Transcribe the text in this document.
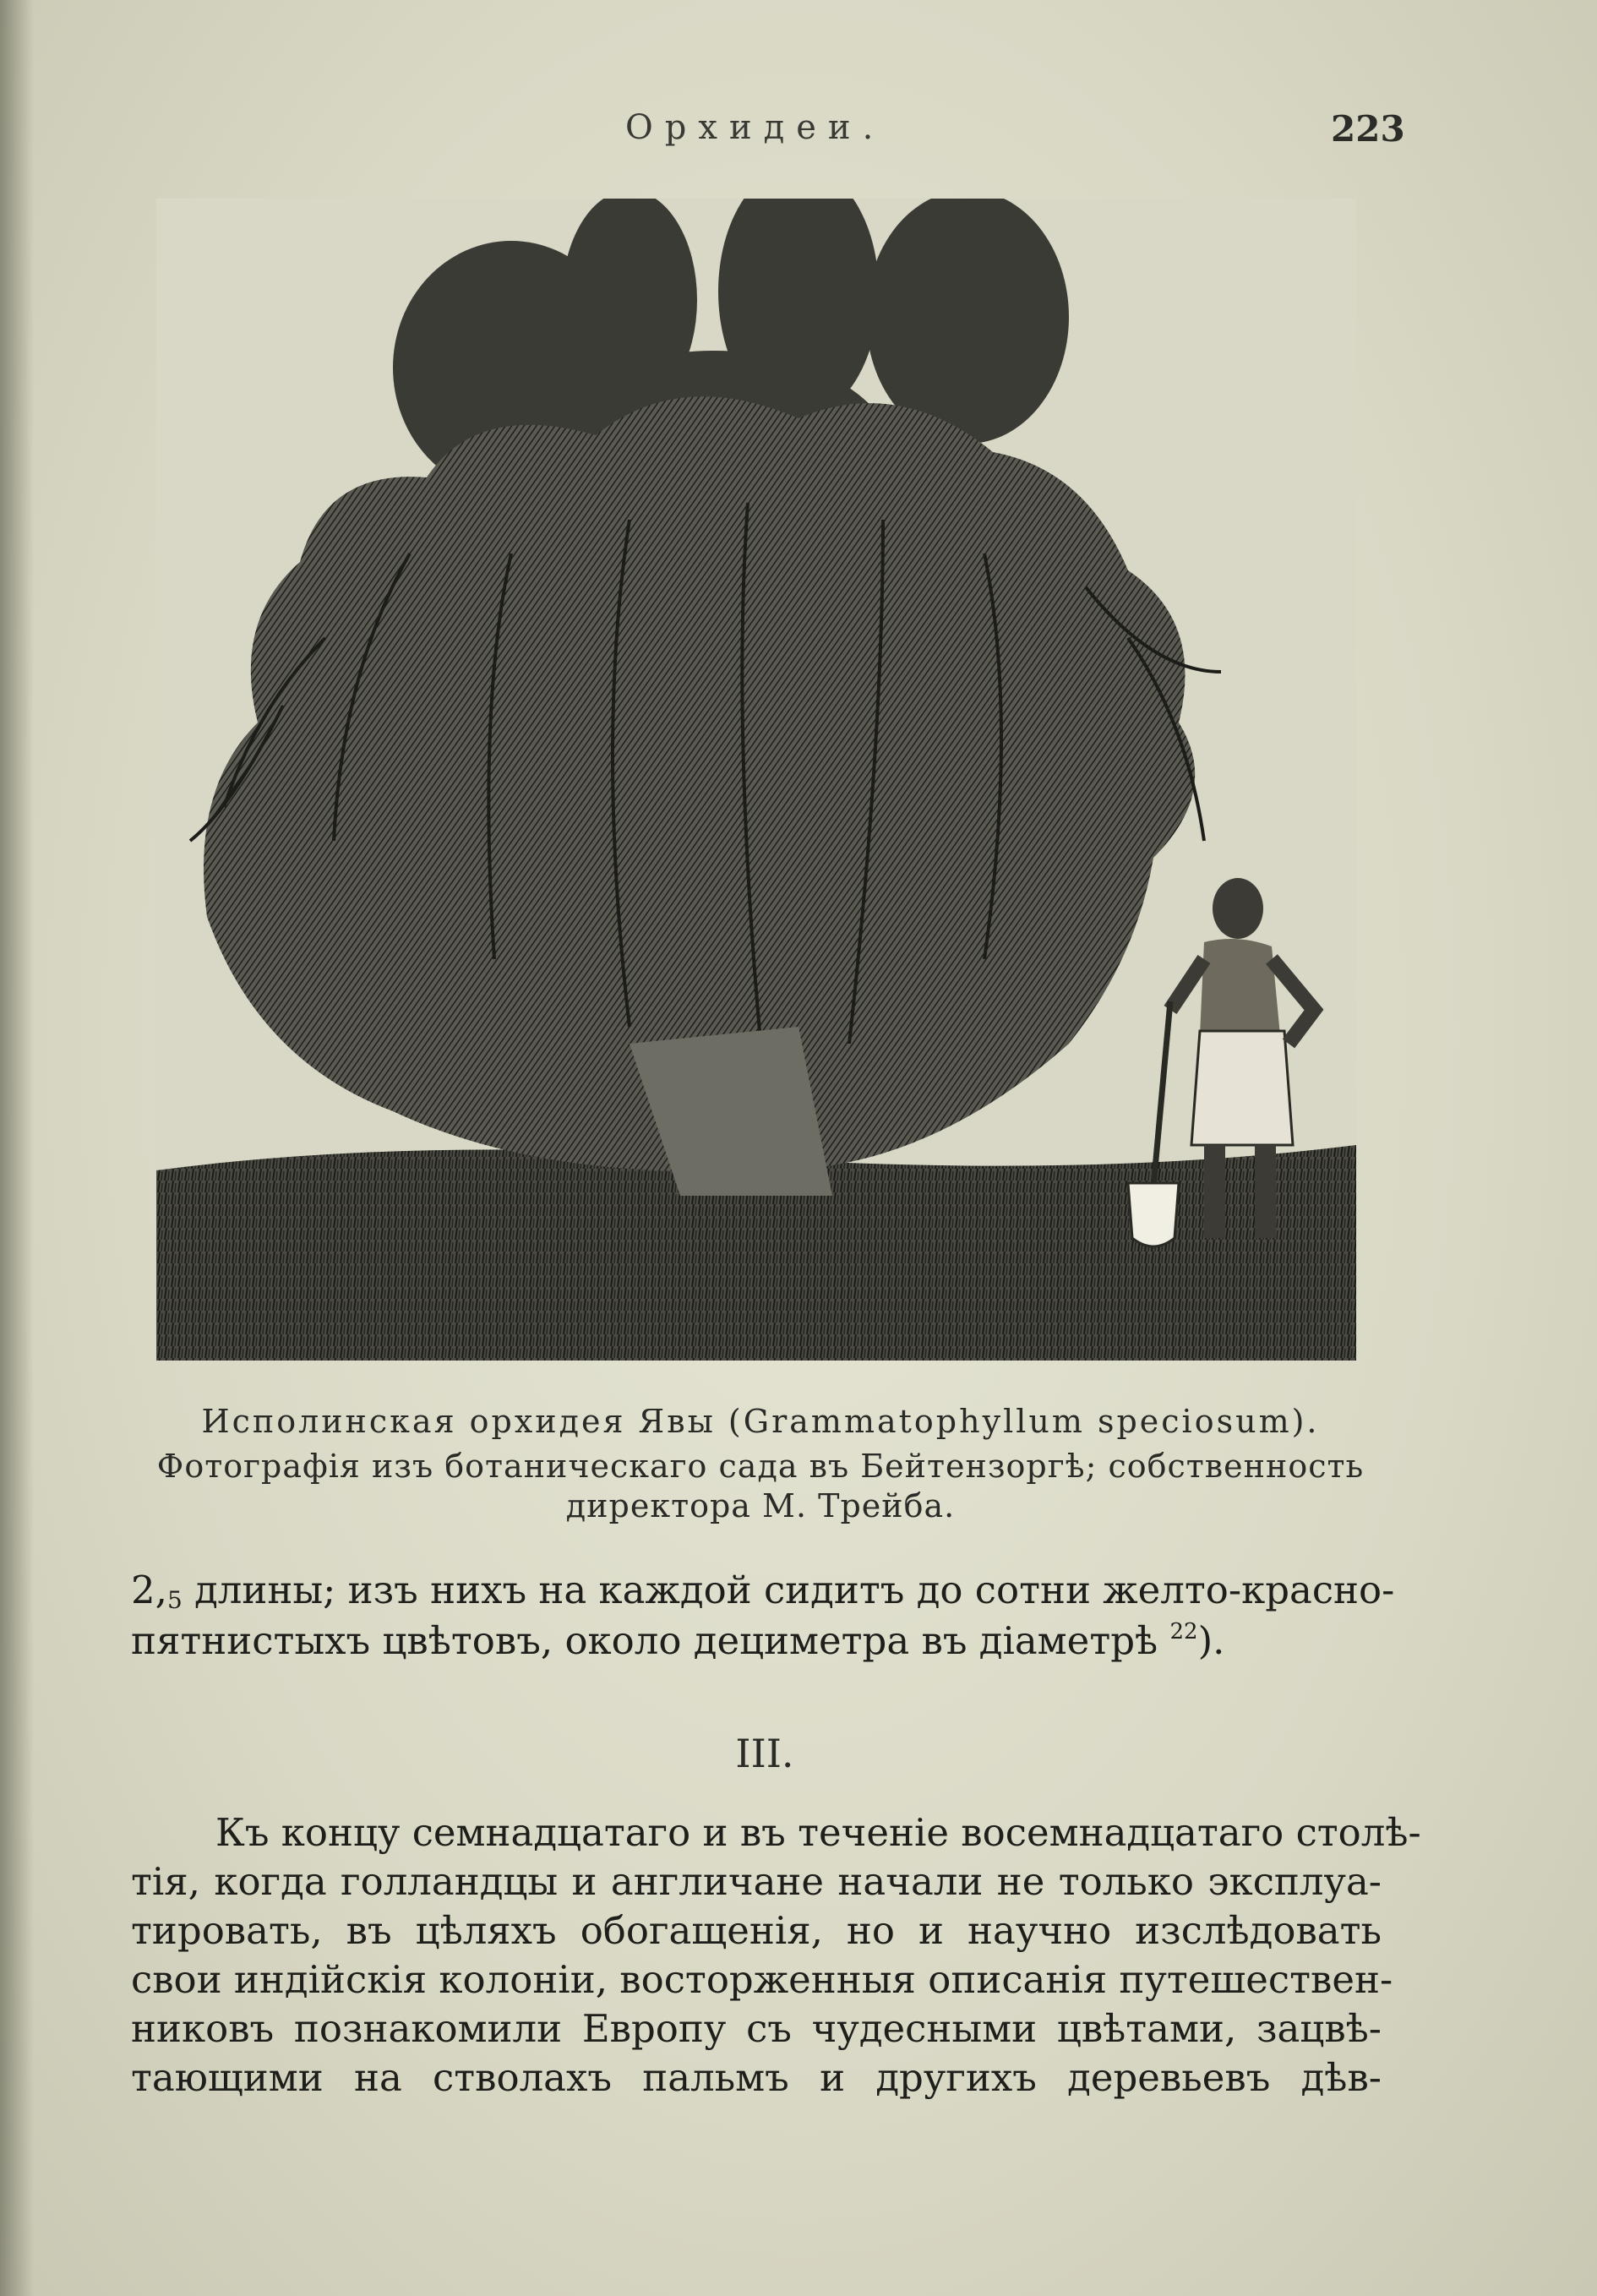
Орхидеи.	223
Исполинская орхидея Явы (Grammatophyllum speciosum).
Фотографія изъ ботаническаго сада въ Бейтензоргѣ; собственность
директора М. Трейба.
$2,_5$ длины; изъ нихъ на каждой сидитъ до сотни желто-красно-
пятнистыхъ цвѣтовъ, около дециметра въ діаметрѣ $^{22}$).
III.
Къ концу семнадцатаго и въ теченіе восемнадцатаго столѣ-
тія, когда голландцы и англичане начали не только эксплуа-
тировать, въ цѣляхъ обогащенія, но и научно изслѣдовать
свои индійскія колоніи, восторженныя описанія путешествен-
никовъ познакомили Европу съ чудесными цвѣтами, зацвѣ-
тающими на стволахъ пальмъ и другихъ деревьевъ дѣв-
